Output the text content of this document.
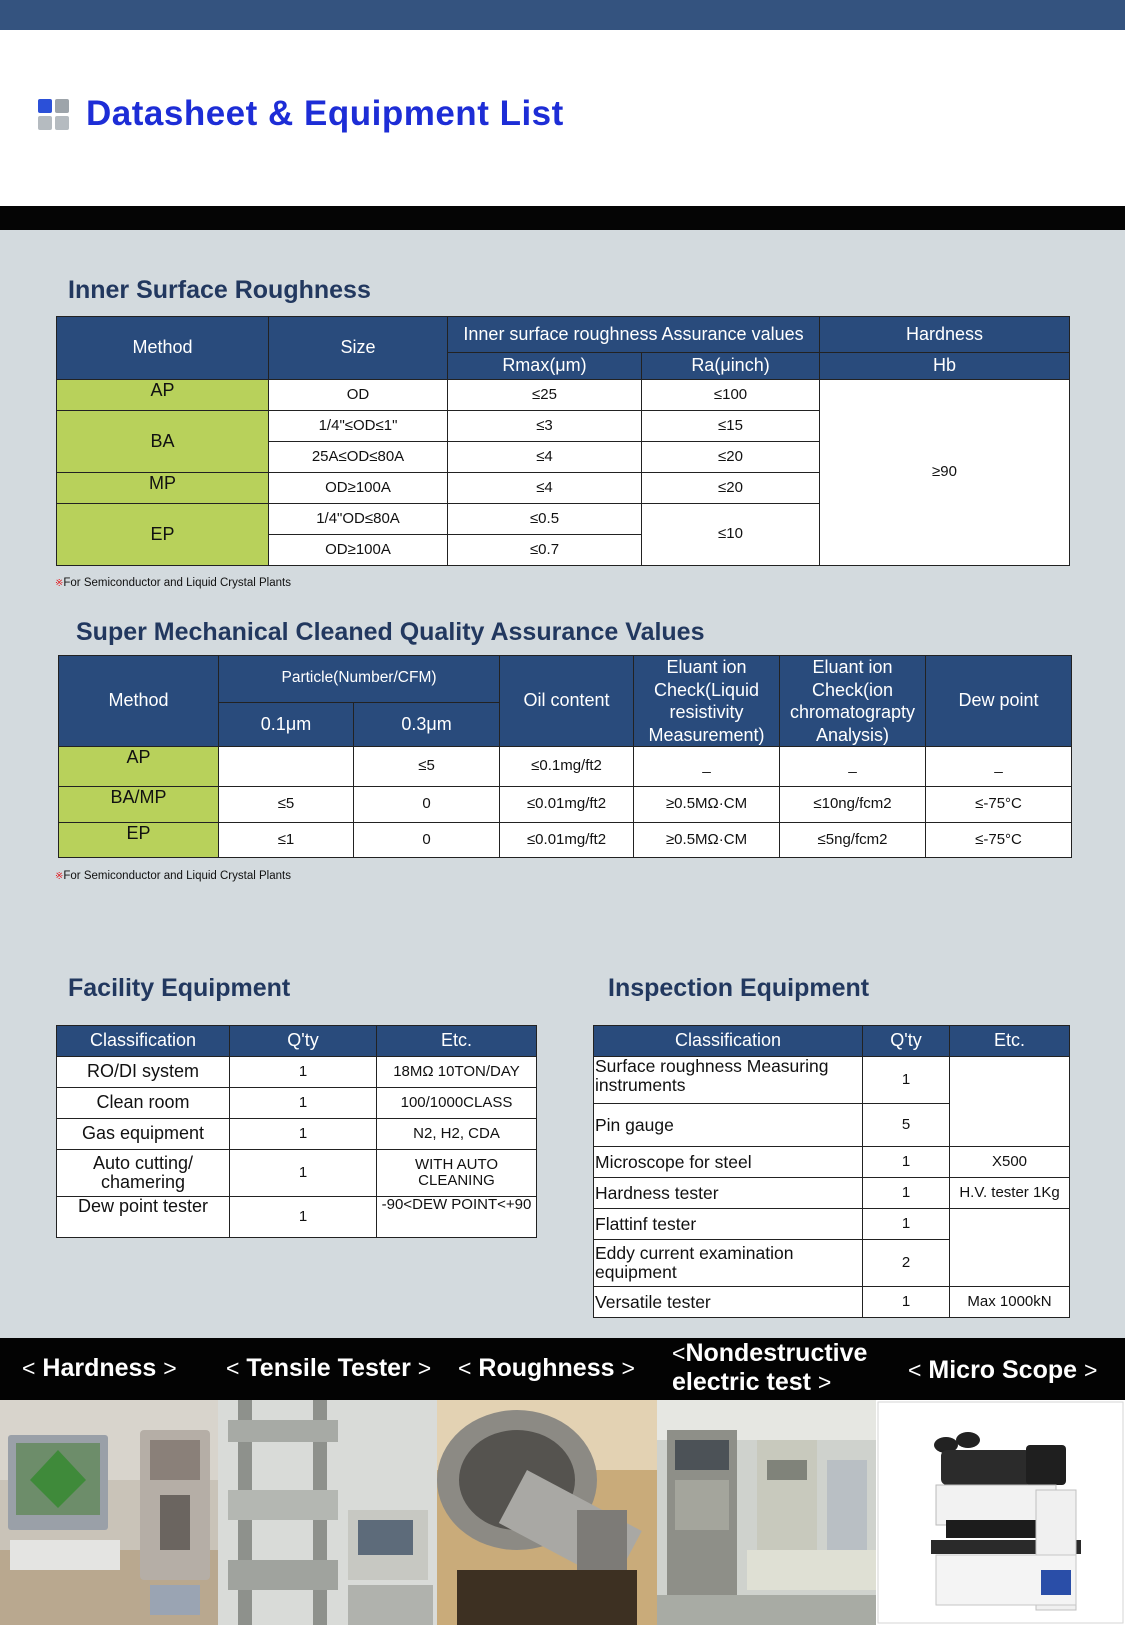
Datasheet & Equipment List
Inner Surface Roughness
Method	Size	Inner surface roughness Assurance values		Hardness
		Rmax(μm)	Ra(μinch)	Hb
AP	OD	≤25	≤100	≥90
BA	1/4"≤OD≤1"	≤3	≤15	
	25A≤OD≤80A	≤4	≤20	
MP	OD≥100A	≤4	≤20	
EP	1/4"OD≤80A	≤0.5	≤10	
	OD≥100A	≤0.7		
※For Semiconductor and Liquid Crystal Plants
Super Mechanical Cleaned Quality Assurance Values
Method	Particle(Number/CFM)		Oil content	Eluant ion Check(Liquid resistivity Measurement)	Eluant ion Check(ion chromatograpty Analysis)	Dew point
	0.1μm	0.3μm				
AP		≤5	≤0.1mg/ft2	_	_	_
BA/MP	≤5	0	≤0.01mg/ft2	≥0.5MΩ·CM	≤10ng/fcm2	≤-75°C
EP	≤1	0	≤0.01mg/ft2	≥0.5MΩ·CM	≤5ng/fcm2	≤-75°C
※For Semiconductor and Liquid Crystal Plants
Facility Equipment
Classification	Q'ty	Etc.
RO/DI system	1	18MΩ 10TON/DAY
Clean room	1	100/1000CLASS
Gas equipment	1	N2, H2, CDA
Auto cutting/ chamering	1	WITH AUTO CLEANING
Dew point tester	1	-90<DEW POINT<+90
Inspection Equipment
Classification	Q'ty	Etc.
Surface roughness Measuring instruments	1	
Pin gauge	5	
Microscope for steel	1	X500
Hardness tester	1	H.V. tester 1Kg
Flattinf tester	1	
Eddy current examination equipment	2	
Versatile tester	1	Max 1000kN
< Hardness > < Tensile Tester > < Roughness >
<Nondestructive
electric test >	< Micro Scope >
